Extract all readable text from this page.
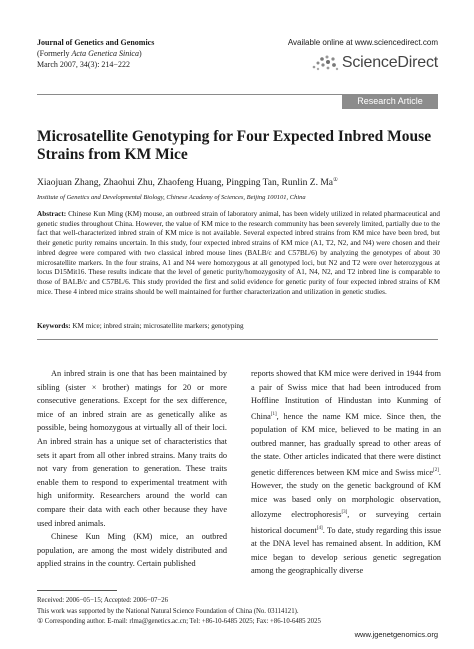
Journal of Genetics and Genomics
(Formerly Acta Genetica Sinica)
March 2007, 34(3): 214−222
Available online at www.sciencedirect.com
ScienceDirect
Research Article
Microsatellite Genotyping for Four Expected Inbred Mouse Strains from KM Mice
Xiaojuan Zhang, Zhaohui Zhu, Zhaofeng Huang, Pingping Tan, Runlin Z. Ma①
Institute of Genetics and Developmental Biology, Chinese Academy of Sciences, Beijing 100101, China
Abstract: Chinese Kun Ming (KM) mouse, an outbreed strain of laboratory animal, has been widely utilized in related pharmaceutical and genetic studies throughout China. However, the value of KM mice to the research community has been severely limited, partially due to the fact that well-characterized inbred strain of KM mice is not available. Several expected inbred strains from KM mice have been bred, but their genetic purity remains uncertain. In this study, four expected inbred strains of KM mice (A1, T2, N2, and N4) were chosen and their inbred degree were compared with two classical inbred mouse lines (BALB/c and C57BL/6) by analyzing the genotypes of about 30 microsatellite markers. In the four strains, A1 and N4 were homozygous at all genotyped loci, but N2 and T2 were over heterozygous at locus D15Mit16. These results indicate that the level of genetic purity/homozygosity of A1, N4, N2, and T2 inbred line is comparable to those of BALB/c and C57BL/6. This study provided the first and solid evidence for genetic purity of four expected inbred strains of KM mice. These 4 inbred mice strains should be well maintained for further characterization and utilization in genetic studies.
Keywords: KM mice; inbred strain; microsatellite markers; genotyping

An inbred strain is one that has been maintained by sibling (sister × brother) matings for 20 or more consecutive generations. Except for the sex difference, mice of an inbred strain are as genetically alike as possible, being homozygous at virtually all of their loci. An inbred strain has a unique set of characteristics that sets it apart from all other inbred strains. Many traits do not vary from generation to generation. These traits enable them to respond to experimental treatment with high uniformity. Researchers around the world can compare their data with each other because they have used inbred animals.

Chinese Kun Ming (KM) mice, an outbred population, are among the most widely distributed and applied strains in the country. Certain published

reports showed that KM mice were derived in 1944 from a pair of Swiss mice that had been introduced from Hoffline Institution of Hindustan into Kunming of China[1], hence the name KM mice. Since then, the population of KM mice, believed to be mating in an outbred manner, has gradually spread to other areas of the state. Other articles indicated that there were distinct genetic differences between KM mice and Swiss mice[2]. However, the study on the genetic background of KM mice was based only on morphologic observation, allozyme electrophoresis[3], or surveying certain historical document[4]. To date, study regarding this issue at the DNA level has remained absent. In addition, KM mice began to develop serious genetic segregation among the geographically diverse

Received: 2006−05−15; Accepted: 2006−07−26
This work was supported by the National Natural Science Foundation of China (No. 03114121).
① Corresponding author. E-mail: rlma@genetics.ac.cn; Tel: +86-10-6485 2025; Fax: +86-10-6485 2025
www.jgenetgenomics.org
